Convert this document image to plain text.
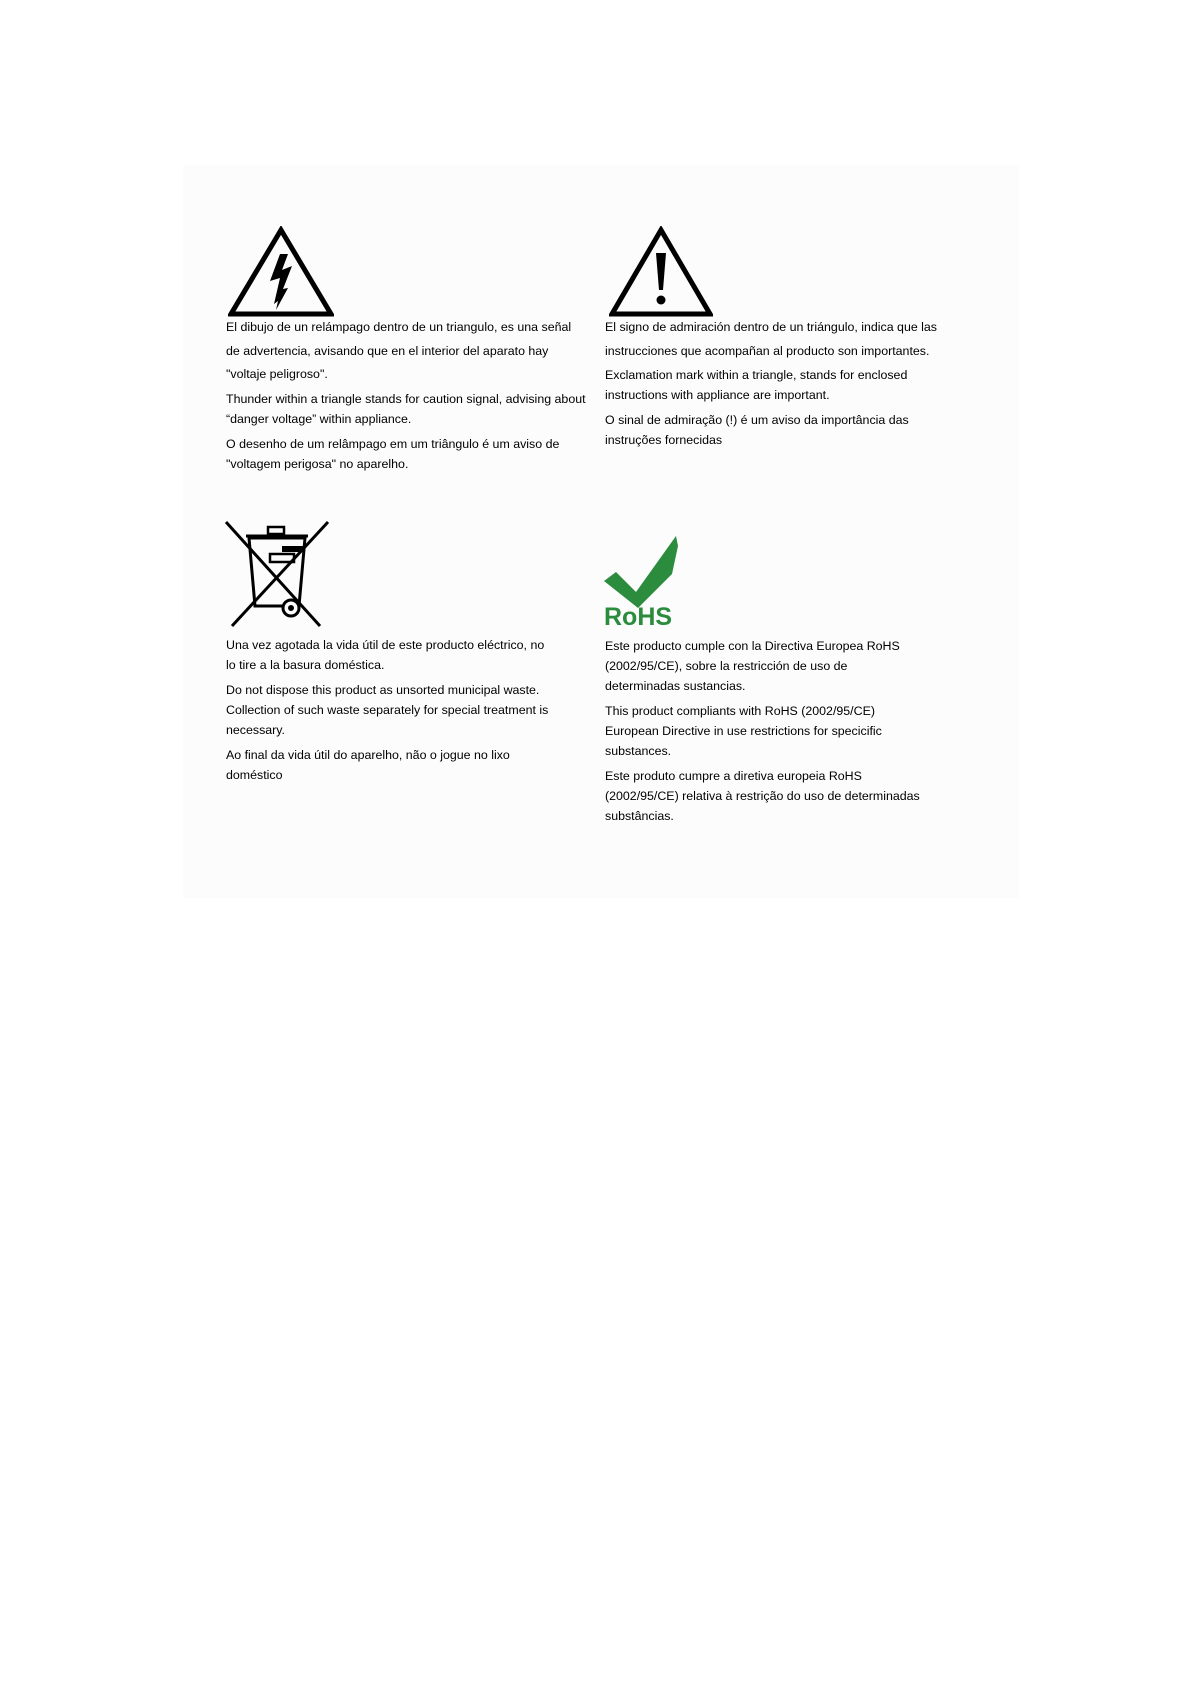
RoHS

El dibujo de un relámpago dentro de un triangulo, es una señal de advertencia, avisando que en el interior del aparato hay "voltaje peligroso".

Thunder within a triangle stands for caution signal, advising about “danger voltage” within appliance.

O desenho de um relâmpago em um triângulo é um aviso de "voltagem perigosa" no aparelho.

El signo de admiración dentro de un triángulo, indica que las instrucciones que acompañan al producto son importantes.

Exclamation mark within a triangle, stands for enclosed instructions with appliance are important.

O sinal de admiração (!) é um aviso da importância das instruções fornecidas

Una vez agotada la vida útil de este producto eléctrico, no lo tire a la basura doméstica.

Do not dispose this product as unsorted municipal waste. Collection of such waste separately for special treatment is necessary.

Ao final da vida útil do aparelho, não o jogue no lixo doméstico

Este producto cumple con la Directiva Europea RoHS (2002/95/CE), sobre la restricción de uso de determinadas sustancias.

This product compliants with RoHS (2002/95/CE) European Directive in use restrictions for specicific substances.

Este produto cumpre a diretiva europeia RoHS (2002/95/CE) relativa à restrição do uso de determinadas substâncias.
